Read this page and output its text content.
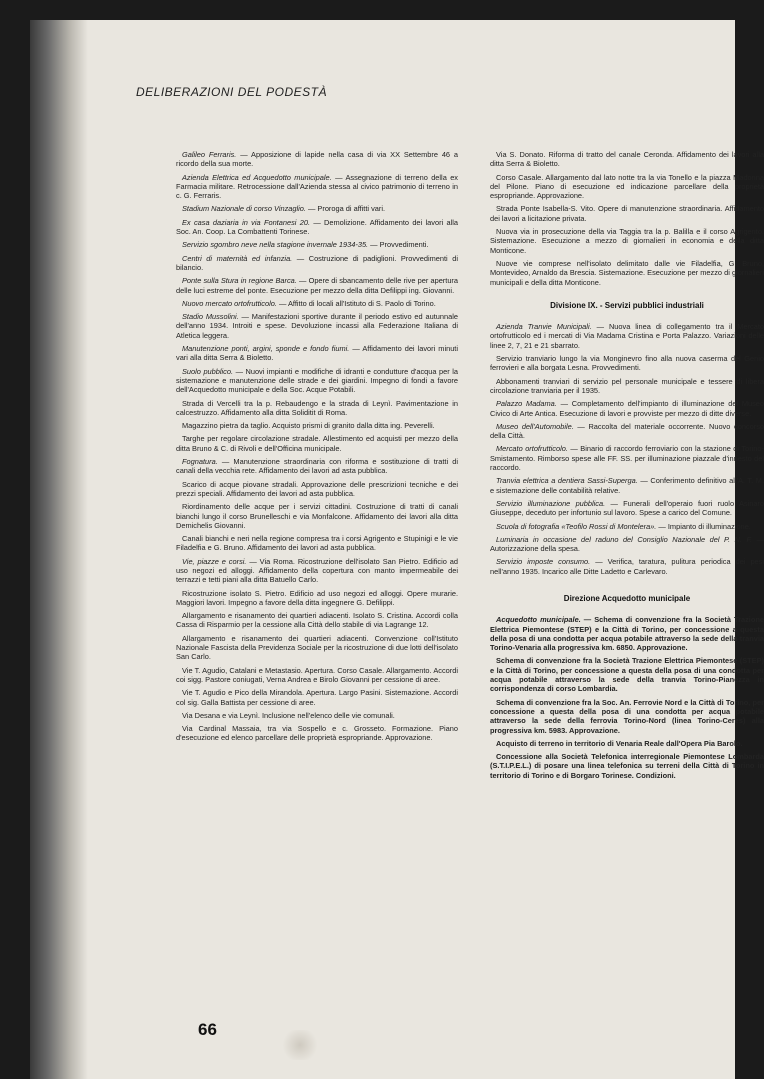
DELIBERAZIONI DEL PODESTÀ

Galileo Ferraris. — Apposizione di lapide nella casa di via XX Settembre 46 a ricordo della sua morte.

Azienda Elettrica ed Acquedotto municipale. — Assegnazione di terreno della ex Farmacia militare. Retrocessione dall'Azienda stessa al civico patrimonio di terreno in c. G. Ferraris.

Stadium Nazionale di corso Vinzaglio. — Proroga di affitti vari.

Ex casa daziaria in via Fontanesi 20. — Demolizione. Affidamento dei lavori alla Soc. An. Coop. La Combattenti Torinese.

Servizio sgombro neve nella stagione invernale 1934-35. — Provvedimenti.

Centri di maternità ed infanzia. — Costruzione di padiglioni. Provvedimenti di bilancio.

Ponte sulla Stura in regione Barca. — Opere di sbancamento delle rive per apertura delle luci estreme del ponte. Esecuzione per mezzo della ditta Defilippi ing. Giovanni.

Nuovo mercato ortofrutticolo. — Affitto di locali all'Istituto di S. Paolo di Torino.

Stadio Mussolini. — Manifestazioni sportive durante il periodo estivo ed autunnale dell'anno 1934. Introiti e spese. Devoluzione incassi alla Federazione Italiana di Atletica leggera.

Manutenzione ponti, argini, sponde e fondo fiumi. — Affidamento dei lavori minuti vari alla ditta Serra & Bioletto.

Suolo pubblico. — Nuovi impianti e modifiche di idranti e condutture d'acqua per la sistemazione e manutenzione delle strade e dei giardini. Impegno di fondi a favore dell'Acquedotto municipale e della Soc. Acque Potabili.

Strada di Vercelli tra la p. Rebaudengo e la strada di Leynì. Pavimentazione in calcestruzzo. Affidamento alla ditta Soliditit di Roma.

Magazzino pietra da taglio. Acquisto prismi di granito dalla ditta ing. Peverelli.

Targhe per regolare circolazione stradale. Allestimento ed acquisti per mezzo della ditta Bruno & C. di Rivoli e dell'Officina municipale.

Fognatura. — Manutenzione straordinaria con riforma e sostituzione di tratti di canali della vecchia rete. Affidamento dei lavori ad asta pubblica.

Scarico di acque piovane stradali. Approvazione delle prescrizioni tecniche e dei prezzi speciali. Affidamento dei lavori ad asta pubblica.

Riordinamento delle acque per i servizi cittadini. Costruzione di tratti di canali bianchi lungo il corso Brunelleschi e via Monfalcone. Affidamento dei lavori alla ditta Demichelis Giovanni.

Canali bianchi e neri nella regione compresa tra i corsi Agrigento e Stupinigi e le vie Filadelfia e G. Bruno. Affidamento dei lavori ad asta pubblica.

Vie, piazze e corsi. — Via Roma. Ricostruzione dell'isolato San Pietro. Edificio ad uso negozi ed alloggi. Affidamento della copertura con manto impermeabile dei terrazzi e tetti piani alla ditta Batuello Carlo.

Ricostruzione isolato S. Pietro. Edificio ad uso negozi ed alloggi. Opere murarie. Maggiori lavori. Impegno a favore della ditta ingegnere G. Defilippi.

Allargamento e risanamento dei quartieri adiacenti. Isolato S. Cristina. Accordi colla Cassa di Risparmio per la cessione alla Città dello stabile di via Lagrange 12.

Allargamento e risanamento dei quartieri adiacenti. Convenzione coll'Istituto Nazionale Fascista della Previdenza Sociale per la ricostruzione di due lotti dell'isolato San Carlo.

Vie T. Agudio, Catalani e Metastasio. Apertura. Corso Casale. Allargamento. Accordi coi sigg. Pastore coniugati, Verna Andrea e Birolo Giovanni per cessione di aree.

Vie T. Agudio e Pico della Mirandola. Apertura. Largo Pasini. Sistemazione. Accordi col sig. Galla Battista per cessione di aree.

Via Desana e via Leynì. Inclusione nell'elenco delle vie comunali.

Via Cardinal Massaia, tra via Sospello e c. Grosseto. Formazione. Piano d'esecuzione ed elenco parcellare delle proprietà espropriande. Approvazione.

Via S. Donato. Riforma di tratto del canale Ceronda. Affidamento dei lavori alla ditta Serra & Bioletto.

Corso Casale. Allargamento dal lato notte tra la via Tonello e la piazza Madonna del Pilone. Piano di esecuzione ed indicazione parcellare della proprietà espropriande. Approvazione.

Strada Ponte Isabella-S. Vito. Opere di manutenzione straordinaria. Affidamento dei lavori a licitazione privata.

Nuova via in prosecuzione della via Taggia tra la p. Balilla e il corso Agrigento. Sistemazione. Esecuzione a mezzo di giornalieri in economia e della ditta Monticone.

Nuove vie comprese nell'isolato delimitato dalle vie Filadelfia, G. Bruno, Montevideo, Arnaldo da Brescia. Sistemazione. Esecuzione per mezzo di giornalieri municipali e della ditta Monticone.

Divisione IX. - Servizi pubblici industriali

Azienda Tranvie Municipali. — Nuova linea di collegamento tra il Mercato ortofrutticolo ed i mercati di Via Madama Cristina e Porta Palazzo. Variazioni delle linee 2, 7, 21 e 21 sbarrato.

Servizio tranviario lungo la via Monginevro fino alla nuova caserma del Genio ferrovieri e alla borgata Lesna. Provvedimenti.

Abbonamenti tranviari di servizio pel personale municipale e tessere di libera circolazione tranviaria per il 1935.

Palazzo Madama. — Completamento dell'impianto di illuminazione del Museo Civico di Arte Antica. Esecuzione di lavori e provviste per mezzo di ditte diverse.

Museo dell'Automobile. — Raccolta del materiale occorrente. Nuovo concorso della Città.

Mercato ortofrutticolo. — Binario di raccordo ferroviario con la stazione di Torino-Smistamento. Rimborso spese alle FF. SS. per illuminazione piazzale d'innesto del raccordo.

Tranvia elettrica a dentiera Sassi-Superga. — Conferimento definitivo all'A. T. M. e sistemazione delle contabilità relative.

Servizio illuminazione pubblica. — Funerali dell'operaio fuori ruolo Asinaro Giuseppe, deceduto per infortunio sul lavoro. Spese a carico del Comune.

Scuola di fotografia «Teofilo Rossi di Montelera». — Impianto di illuminazione.

Luminaria in occasione del raduno del Consiglio Nazionale del P. N. F. — Autorizzazione della spesa.

Servizio imposte consumo. — Verifica, taratura, pulitura periodica dei pesi nell'anno 1935. Incarico alle Ditte Ladetto e Carlevaro.

Direzione Acquedotto municipale

Acquedotto municipale. — Schema di convenzione fra la Società Trazione Elettrica Piemontese (STEP) e la Città di Torino, per concessione a questa della posa di una condotta per acqua potabile attraverso la sede della tranvia Torino-Venaria alla progressiva km. 6850. Approvazione.

Schema di convenzione fra la Società Trazione Elettrica Piemontese (STEP) e la Città di Torino, per concessione a questa della posa di una condotta per acqua potabile attraverso la sede della tranvia Torino-Pianezza in corrispondenza di corso Lombardia.

Schema di convenzione fra la Soc. An. Ferrovie Nord e la Città di Torino, per concessione a questa della posa di una condotta per acqua potabile attraverso la sede della ferrovia Torino-Nord (linea Torino-Ceres) alla progressiva km. 5983. Approvazione.

Acquisto di terreno in territorio di Venaria Reale dall'Opera Pia Barolo.

Concessione alla Società Telefonica interregionale Piemontese Lombarda (S.T.I.P.E.L.) di posare una linea telefonica su terreni della Città di Torino in territorio di Torino e di Borgaro Torinese. Condizioni.

66
